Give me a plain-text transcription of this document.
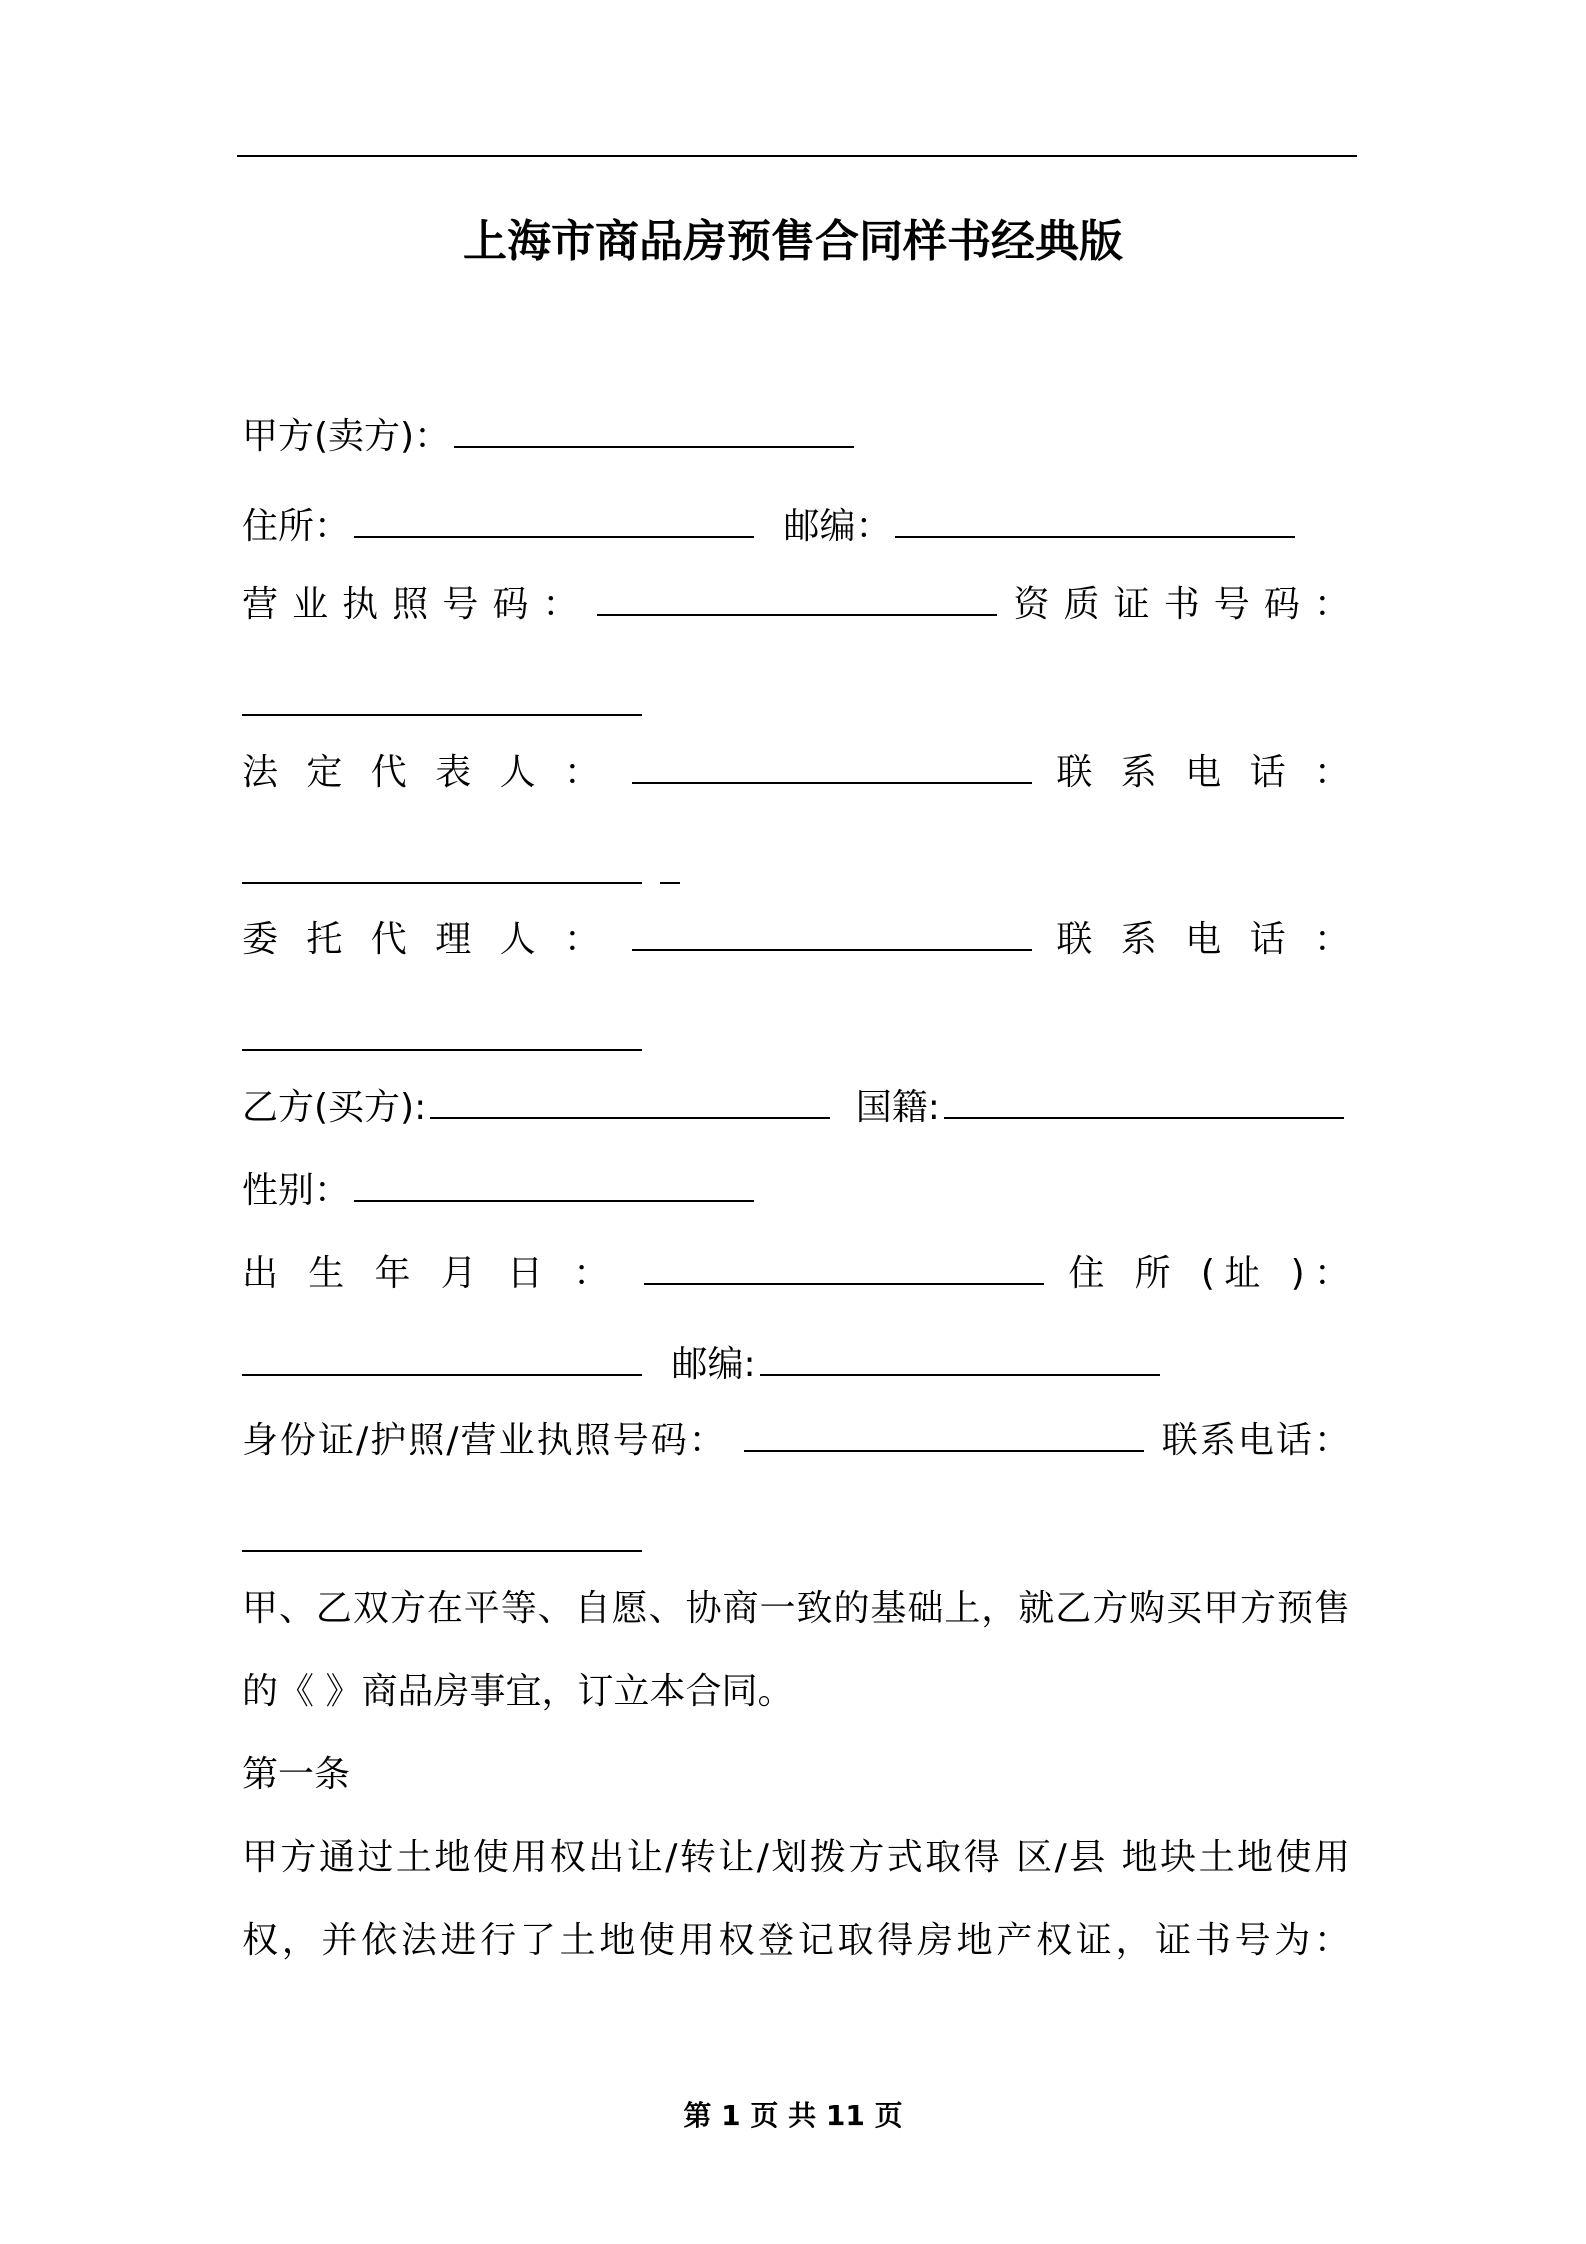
上海市商品房预售合同样书经典版
甲方(卖方)：
住所：	邮编：
营 业 执 照 号 码 ：	资 质 证 书 号 码 ：
法 定 代 表 人 ：	联 系 电 话 ：
委 托 代 理 人 ：	联 系 电 话 ：
乙方(买方):	国籍:
性别：
出 生 年 月 日 ：	住 所 (址 )：
邮编:
身份证/护照/营业执照号码：	联系电话：
甲、乙双方在平等、自愿、协商一致的基础上，就乙方购买甲方预售
的《 》商品房事宜，订立本合同。
第一条
甲方通过土地使用权出让/转让/划拨方式取得 区/县 地块土地使用
权，并依法进行了土地使用权登记取得房地产权证，证书号为：
第 1 页 共 11 页
